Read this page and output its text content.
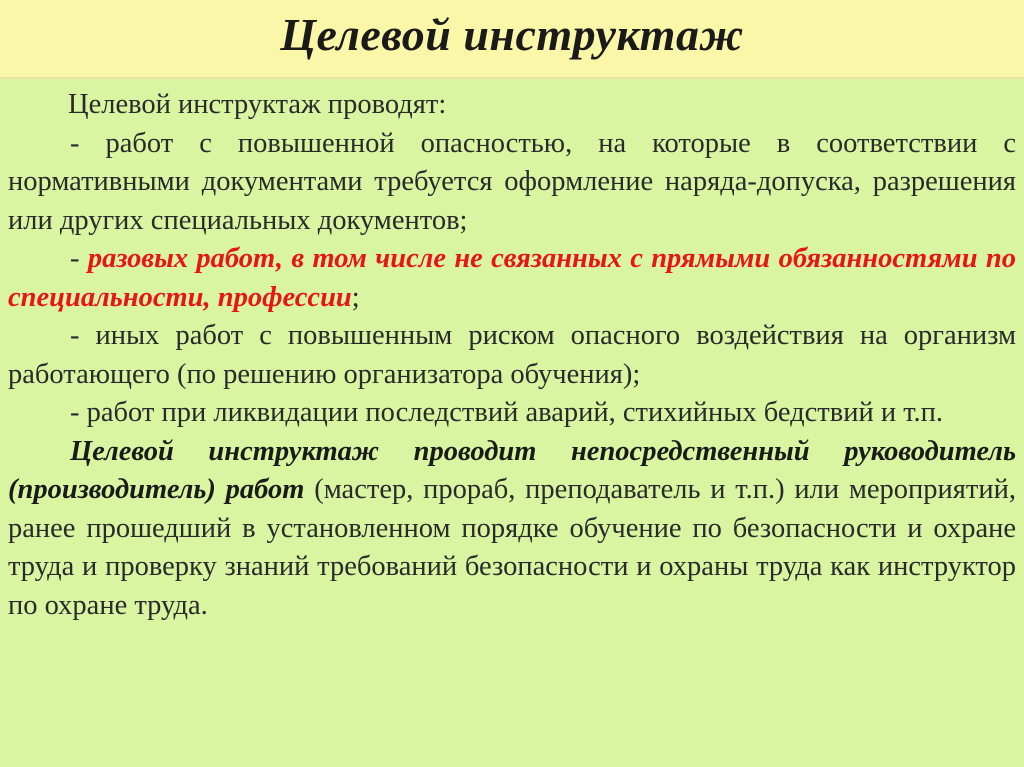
Целевой инструктаж

Целевой инструктаж проводят:

- работ с повышенной опасностью, на которые в соответствии с нормативными документами требуется оформление наряда-допуска, разрешения или других специальных документов;

- разовых работ, в том числе не связанных с прямыми обязанностями по специальности, профессии;

- иных работ с повышенным риском опасного воздействия на организм работающего (по решению организатора обучения);

- работ при ликвидации последствий аварий, стихийных бедствий и т.п.

Целевой инструктаж проводит непосредственный руководитель (производитель) работ (мастер, прораб, преподаватель и т.п.) или мероприятий, ранее прошедший в установленном порядке обучение по безопасности и охране труда и проверку знаний требований безопасности и охраны труда как инструктор по охране труда.
